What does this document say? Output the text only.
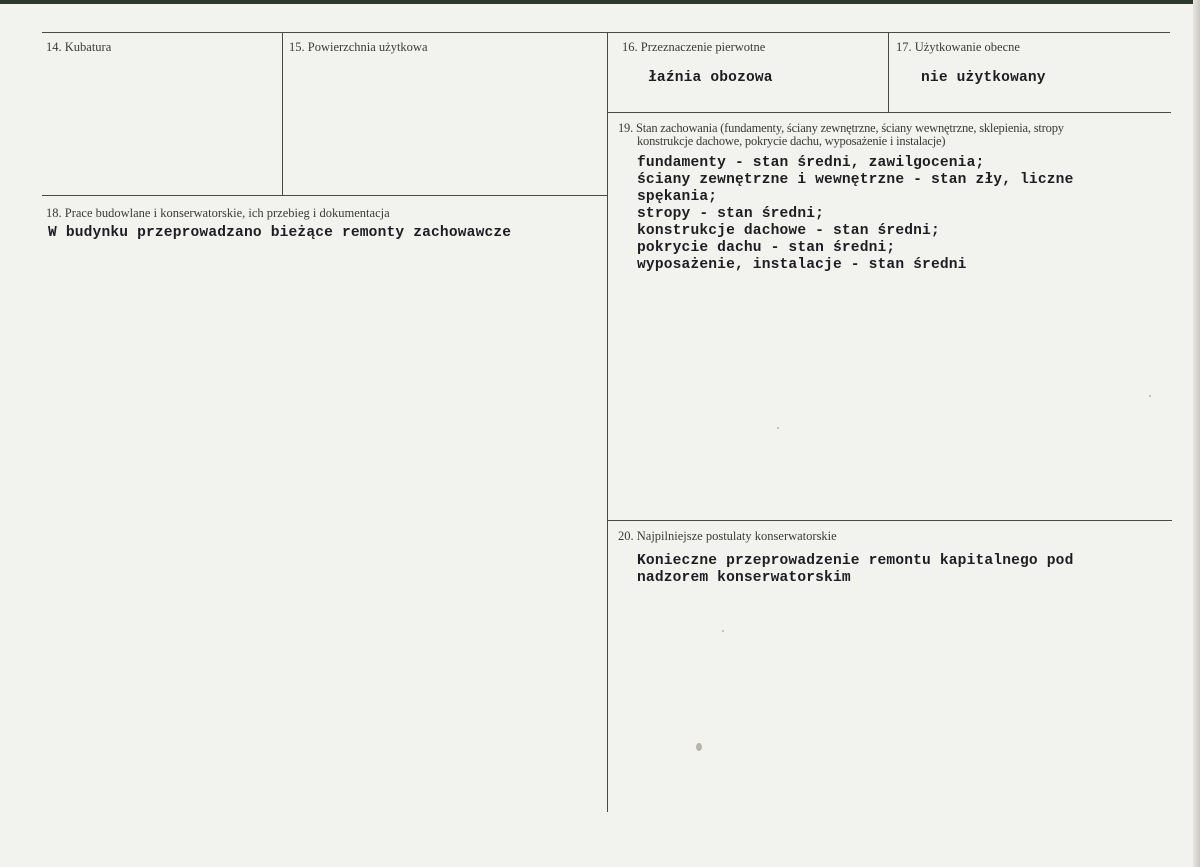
14. Kubatura	15. Powierzchnia użytkowa	16. Przeznaczenie pierwotne
łaźnia obozowa
17. Użytkowanie obecne
nie użytkowany
18. Prace budowlane i konserwatorskie, ich przebieg i dokumentacja
W budynku przeprowadzano bieżące remonty zachowawcze
19. Stan zachowania (fundamenty, ściany zewnętrzne, ściany wewnętrzne, sklepienia, stropy
konstrukcje dachowe, pokrycie dachu, wyposażenie i instalacje)
fundamenty - stan średni, zawilgocenia;
ściany zewnętrzne i wewnętrzne - stan zły, liczne
spękania;
stropy - stan średni;
konstrukcje dachowe - stan średni;
pokrycie dachu - stan średni;
wyposażenie, instalacje - stan średni
20. Najpilniejsze postulaty konserwatorskie
Konieczne przeprowadzenie remontu kapitalnego pod
nadzorem konserwatorskim
